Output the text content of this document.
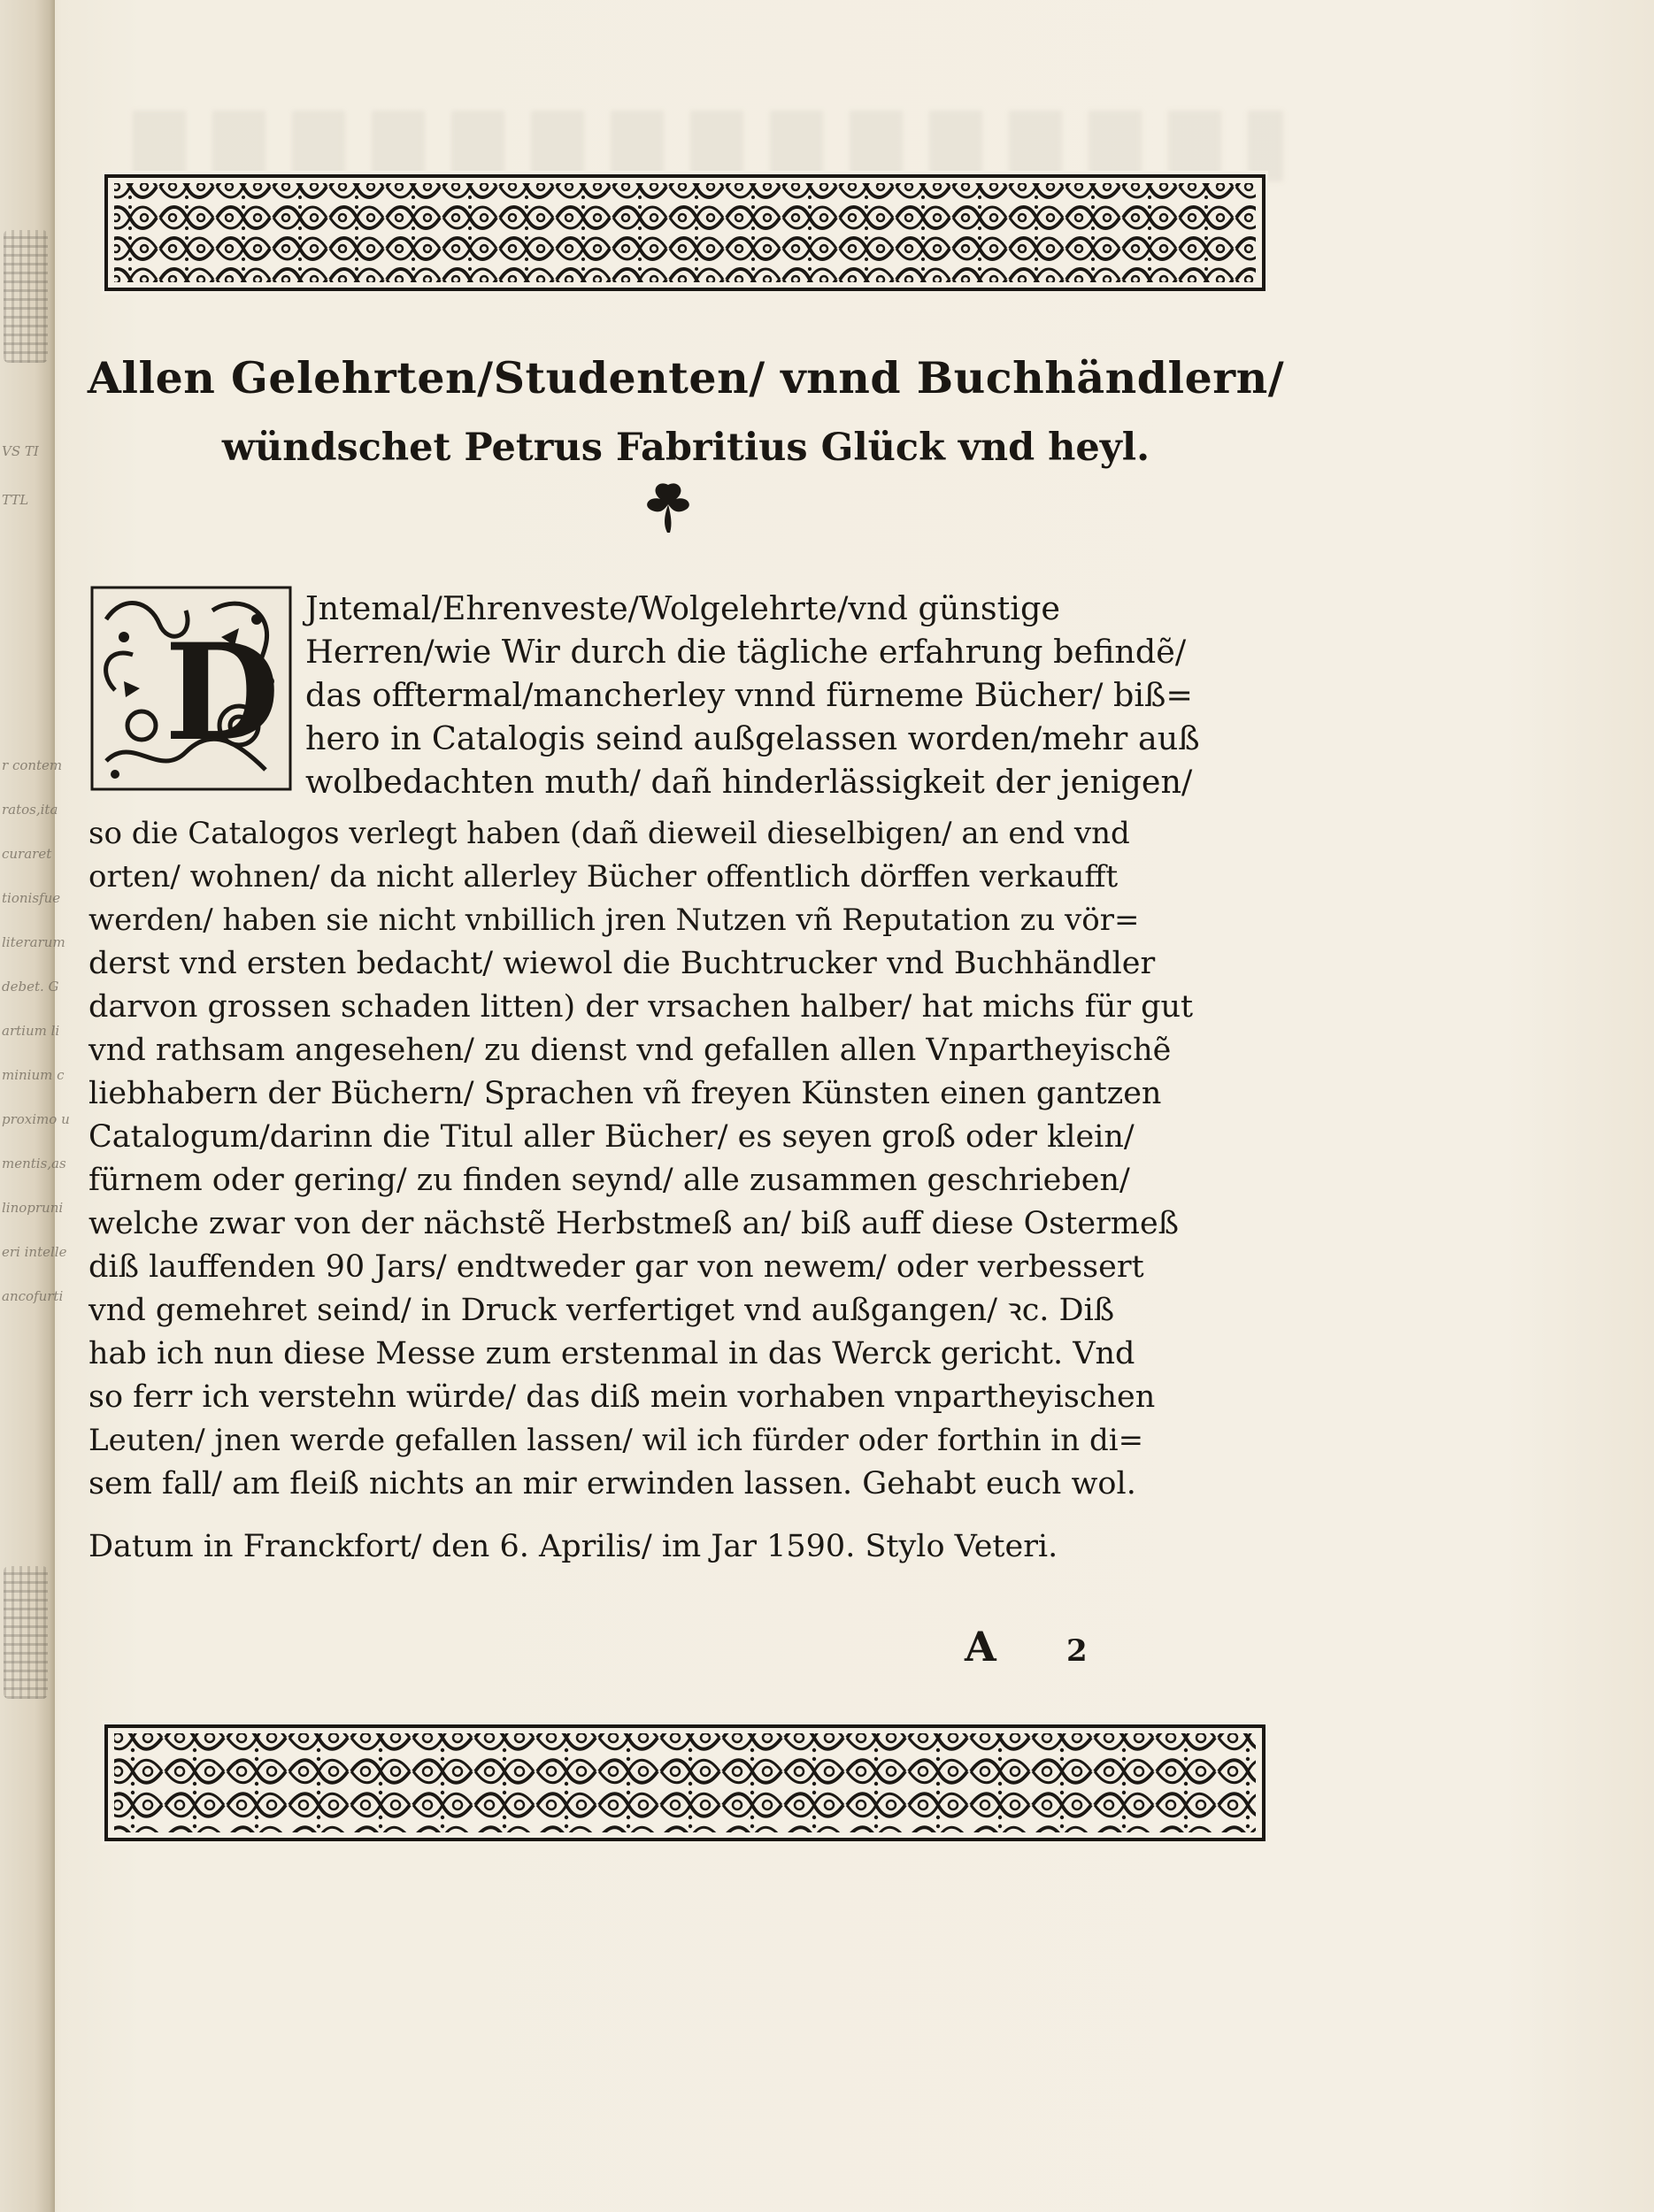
VS TI
TTL
r contem
ratos,ita
curaret
tionisfue
literarum
debet. G
artium li
minium c
proximo u
mentis,as
linopruni
eri intelle
ancofurti
Allen Gelehrten/Studenten/ vnnd Buchhändlern/
wündschet Petrus Fabritius Glück vnd heyl.
D
Jntemal/Ehrenveste/Wolgelehrte/vnd günstige
Herren/wie Wir durch die tägliche erfahrung befindẽ/
das offtermal/mancherley vnnd fürneme Bücher/ biß=
hero in Catalogis seind außgelassen worden/mehr auß
wolbedachten muth/ dañ hinderlässigkeit der jenigen/
so die Catalogos verlegt haben (dañ dieweil dieselbigen/ an end vnd
orten/ wohnen/ da nicht allerley Bücher offentlich dörffen verkaufft
werden/ haben sie nicht vnbillich jren Nutzen vñ Reputation zu vör=
derst vnd ersten bedacht/ wiewol die Buchtrucker vnd Buchhändler
darvon grossen schaden litten) der vrsachen halber/ hat michs für gut
vnd rathsam angesehen/ zu dienst vnd gefallen allen Vnpartheyischẽ
liebhabern der Büchern/ Sprachen vñ freyen Künsten einen gantzen
Catalogum/darinn die Titul aller Bücher/ es seyen groß oder klein/
fürnem oder gering/ zu finden seynd/ alle zusammen geschrieben/
welche zwar von der nächstẽ Herbstmeß an/ biß auff diese Ostermeß
diß lauffenden 90 Jars/ endtweder gar von newem/ oder verbessert
vnd gemehret seind/ in Druck verfertiget vnd außgangen/ ꝛc. Diß
hab ich nun diese Messe zum erstenmal in das Werck gericht. Vnd
so ferr ich verstehn würde/ das diß mein vorhaben vnpartheyischen
Leuten/ jnen werde gefallen lassen/ wil ich fürder oder forthin in di=
sem fall/ am fleiß nichts an mir erwinden lassen. Gehabt euch wol.
Datum in Franckfort/ den 6. Aprilis/ im Jar 1590. Stylo Veteri.
A 2
